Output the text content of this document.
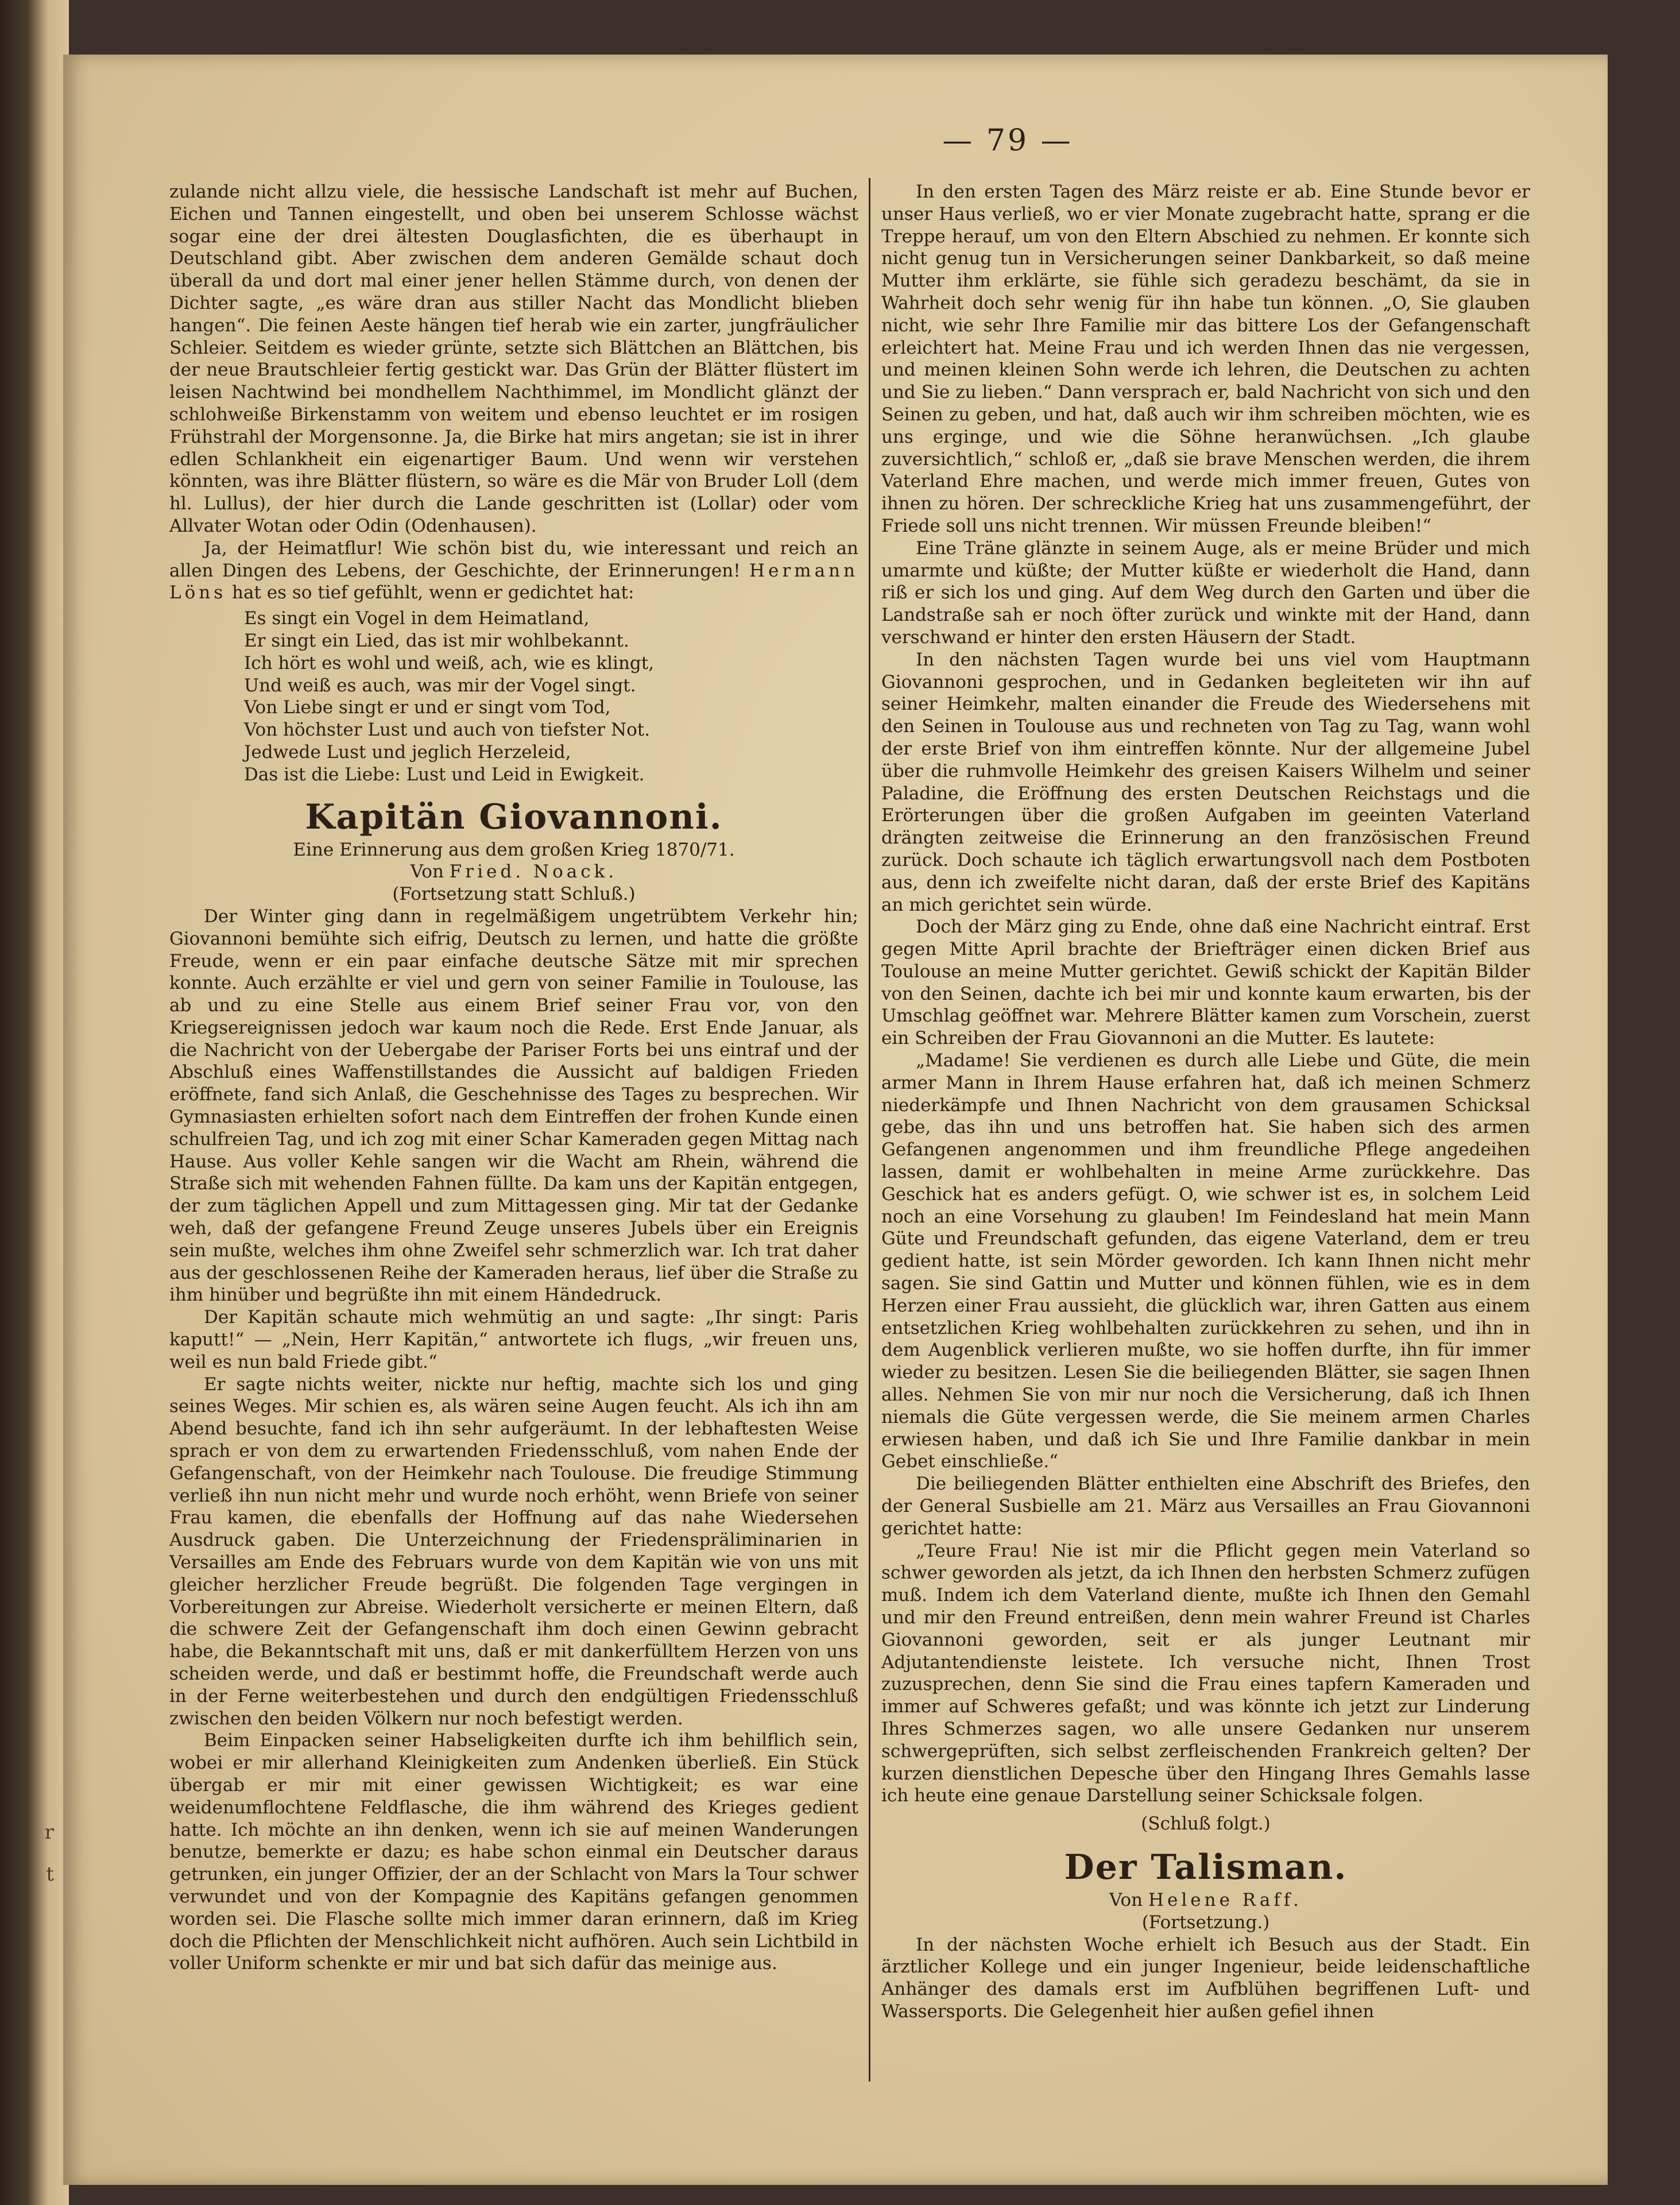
r
t
— 79 —

zulande nicht allzu viele, die hessische Landschaft ist mehr auf Buchen, Eichen und Tannen eingestellt, und oben bei unserem Schlosse wächst sogar eine der drei ältesten Douglasfichten, die es überhaupt in Deutschland gibt. Aber zwischen dem anderen Gemälde schaut doch überall da und dort mal einer jener hellen Stämme durch, von denen der Dichter sagte, „es wäre dran aus stiller Nacht das Mondlicht blieben hangen“. Die feinen Aeste hängen tief herab wie ein zarter, jungfräulicher Schleier. Seitdem es wieder grünte, setzte sich Blättchen an Blättchen, bis der neue Brautschleier fertig gestickt war. Das Grün der Blätter flüstert im leisen Nachtwind bei mondhellem Nachthimmel, im Mondlicht glänzt der schlohweiße Birkenstamm von weitem und ebenso leuchtet er im rosigen Frühstrahl der Morgensonne. Ja, die Birke hat mirs angetan; sie ist in ihrer edlen Schlankheit ein eigenartiger Baum. Und wenn wir verstehen könnten, was ihre Blätter flüstern, so wäre es die Mär von Bruder Loll (dem hl. Lullus), der hier durch die Lande geschritten ist (Lollar) oder vom Allvater Wotan oder Odin (Odenhausen).

Ja, der Heimatflur! Wie schön bist du, wie interessant und reich an allen Dingen des Lebens, der Geschichte, der Erinnerungen! Hermann Löns hat es so tief gefühlt, wenn er gedichtet hat:

Es singt ein Vogel in dem Heimatland,
Er singt ein Lied, das ist mir wohlbekannt.
Ich hört es wohl und weiß, ach, wie es klingt,
Und weiß es auch, was mir der Vogel singt.
Von Liebe singt er und er singt vom Tod,
Von höchster Lust und auch von tiefster Not.
Jedwede Lust und jeglich Herzeleid,
Das ist die Liebe: Lust und Leid in Ewigkeit.
Kapitän Giovannoni.
Eine Erinnerung aus dem großen Krieg 1870/71.
Von Fried. Noack.
(Fortsetzung statt Schluß.)

Der Winter ging dann in regelmäßigem ungetrübtem Verkehr hin; Giovannoni bemühte sich eifrig, Deutsch zu lernen, und hatte die größte Freude, wenn er ein paar einfache deutsche Sätze mit mir sprechen konnte. Auch erzählte er viel und gern von seiner Familie in Toulouse, las ab und zu eine Stelle aus einem Brief seiner Frau vor, von den Kriegsereignissen jedoch war kaum noch die Rede. Erst Ende Januar, als die Nachricht von der Uebergabe der Pariser Forts bei uns eintraf und der Abschluß eines Waffenstillstandes die Aussicht auf baldigen Frieden eröffnete, fand sich Anlaß, die Geschehnisse des Tages zu besprechen. Wir Gymnasiasten erhielten sofort nach dem Eintreffen der frohen Kunde einen schulfreien Tag, und ich zog mit einer Schar Kameraden gegen Mittag nach Hause. Aus voller Kehle sangen wir die Wacht am Rhein, während die Straße sich mit wehenden Fahnen füllte. Da kam uns der Kapitän entgegen, der zum täglichen Appell und zum Mittagessen ging. Mir tat der Gedanke weh, daß der gefangene Freund Zeuge unseres Jubels über ein Ereignis sein mußte, welches ihm ohne Zweifel sehr schmerzlich war. Ich trat daher aus der geschlossenen Reihe der Kameraden heraus, lief über die Straße zu ihm hinüber und begrüßte ihn mit einem Händedruck.

Der Kapitän schaute mich wehmütig an und sagte: „Ihr singt: Paris kaputt!“ — „Nein, Herr Kapitän,“ antwortete ich flugs, „wir freuen uns, weil es nun bald Friede gibt.“

Er sagte nichts weiter, nickte nur heftig, machte sich los und ging seines Weges. Mir schien es, als wären seine Augen feucht. Als ich ihn am Abend besuchte, fand ich ihn sehr aufgeräumt. In der lebhaftesten Weise sprach er von dem zu erwartenden Friedensschluß, vom nahen Ende der Gefangenschaft, von der Heimkehr nach Toulouse. Die freudige Stimmung verließ ihn nun nicht mehr und wurde noch erhöht, wenn Briefe von seiner Frau kamen, die ebenfalls der Hoffnung auf das nahe Wiedersehen Ausdruck gaben. Die Unterzeichnung der Friedenspräliminarien in Versailles am Ende des Februars wurde von dem Kapitän wie von uns mit gleicher herzlicher Freude begrüßt. Die folgenden Tage vergingen in Vorbereitungen zur Abreise. Wiederholt versicherte er meinen Eltern, daß die schwere Zeit der Gefangenschaft ihm doch einen Gewinn gebracht habe, die Bekanntschaft mit uns, daß er mit dankerfülltem Herzen von uns scheiden werde, und daß er bestimmt hoffe, die Freundschaft werde auch in der Ferne weiterbestehen und durch den endgültigen Friedensschluß zwischen den beiden Völkern nur noch befestigt werden.

Beim Einpacken seiner Habseligkeiten durfte ich ihm behilflich sein, wobei er mir allerhand Kleinigkeiten zum Andenken überließ. Ein Stück übergab er mir mit einer gewissen Wichtigkeit; es war eine weidenumflochtene Feldflasche, die ihm während des Krieges gedient hatte. Ich möchte an ihn denken, wenn ich sie auf meinen Wanderungen benutze, bemerkte er dazu; es habe schon einmal ein Deutscher daraus getrunken, ein junger Offizier, der an der Schlacht von Mars la Tour schwer verwundet und von der Kompagnie des Kapitäns gefangen genommen worden sei. Die Flasche sollte mich immer daran erinnern, daß im Krieg doch die Pflichten der Menschlichkeit nicht aufhören. Auch sein Lichtbild in voller Uniform schenkte er mir und bat sich dafür das meinige aus.

In den ersten Tagen des März reiste er ab. Eine Stunde bevor er unser Haus verließ, wo er vier Monate zugebracht hatte, sprang er die Treppe herauf, um von den Eltern Abschied zu nehmen. Er konnte sich nicht genug tun in Versicherungen seiner Dankbarkeit, so daß meine Mutter ihm erklärte, sie fühle sich geradezu beschämt, da sie in Wahrheit doch sehr wenig für ihn habe tun können. „O, Sie glauben nicht, wie sehr Ihre Familie mir das bittere Los der Gefangenschaft erleichtert hat. Meine Frau und ich werden Ihnen das nie vergessen, und meinen kleinen Sohn werde ich lehren, die Deutschen zu achten und Sie zu lieben.“ Dann versprach er, bald Nachricht von sich und den Seinen zu geben, und hat, daß auch wir ihm schreiben möchten, wie es uns erginge, und wie die Söhne heranwüchsen. „Ich glaube zuversichtlich,“ schloß er, „daß sie brave Menschen werden, die ihrem Vaterland Ehre machen, und werde mich immer freuen, Gutes von ihnen zu hören. Der schreckliche Krieg hat uns zusammengeführt, der Friede soll uns nicht trennen. Wir müssen Freunde bleiben!“

Eine Träne glänzte in seinem Auge, als er meine Brüder und mich umarmte und küßte; der Mutter küßte er wiederholt die Hand, dann riß er sich los und ging. Auf dem Weg durch den Garten und über die Landstraße sah er noch öfter zurück und winkte mit der Hand, dann verschwand er hinter den ersten Häusern der Stadt.

In den nächsten Tagen wurde bei uns viel vom Hauptmann Giovannoni gesprochen, und in Gedanken begleiteten wir ihn auf seiner Heimkehr, malten einander die Freude des Wiedersehens mit den Seinen in Toulouse aus und rechneten von Tag zu Tag, wann wohl der erste Brief von ihm eintreffen könnte. Nur der allgemeine Jubel über die ruhmvolle Heimkehr des greisen Kaisers Wilhelm und seiner Paladine, die Eröffnung des ersten Deutschen Reichstags und die Erörterungen über die großen Aufgaben im geeinten Vaterland drängten zeitweise die Erinnerung an den französischen Freund zurück. Doch schaute ich täglich erwartungsvoll nach dem Postboten aus, denn ich zweifelte nicht daran, daß der erste Brief des Kapitäns an mich gerichtet sein würde.

Doch der März ging zu Ende, ohne daß eine Nachricht eintraf. Erst gegen Mitte April brachte der Briefträger einen dicken Brief aus Toulouse an meine Mutter gerichtet. Gewiß schickt der Kapitän Bilder von den Seinen, dachte ich bei mir und konnte kaum erwarten, bis der Umschlag geöffnet war. Mehrere Blätter kamen zum Vorschein, zuerst ein Schreiben der Frau Giovannoni an die Mutter. Es lautete:

„Madame! Sie verdienen es durch alle Liebe und Güte, die mein armer Mann in Ihrem Hause erfahren hat, daß ich meinen Schmerz niederkämpfe und Ihnen Nachricht von dem grausamen Schicksal gebe, das ihn und uns betroffen hat. Sie haben sich des armen Gefangenen angenommen und ihm freundliche Pflege angedeihen lassen, damit er wohlbehalten in meine Arme zurückkehre. Das Geschick hat es anders gefügt. O, wie schwer ist es, in solchem Leid noch an eine Vorsehung zu glauben! Im Feindesland hat mein Mann Güte und Freundschaft gefunden, das eigene Vaterland, dem er treu gedient hatte, ist sein Mörder geworden. Ich kann Ihnen nicht mehr sagen. Sie sind Gattin und Mutter und können fühlen, wie es in dem Herzen einer Frau aussieht, die glücklich war, ihren Gatten aus einem entsetzlichen Krieg wohlbehalten zurückkehren zu sehen, und ihn in dem Augenblick verlieren mußte, wo sie hoffen durfte, ihn für immer wieder zu besitzen. Lesen Sie die beiliegenden Blätter, sie sagen Ihnen alles. Nehmen Sie von mir nur noch die Versicherung, daß ich Ihnen niemals die Güte vergessen werde, die Sie meinem armen Charles erwiesen haben, und daß ich Sie und Ihre Familie dankbar in mein Gebet einschließe.“

Die beiliegenden Blätter enthielten eine Abschrift des Briefes, den der General Susbielle am 21. März aus Versailles an Frau Giovannoni gerichtet hatte:

„Teure Frau! Nie ist mir die Pflicht gegen mein Vaterland so schwer geworden als jetzt, da ich Ihnen den herbsten Schmerz zufügen muß. Indem ich dem Vaterland diente, mußte ich Ihnen den Gemahl und mir den Freund entreißen, denn mein wahrer Freund ist Charles Giovannoni geworden, seit er als junger Leutnant mir Adjutantendienste leistete. Ich versuche nicht, Ihnen Trost zuzusprechen, denn Sie sind die Frau eines tapfern Kameraden und immer auf Schweres gefaßt; und was könnte ich jetzt zur Linderung Ihres Schmerzes sagen, wo alle unsere Gedanken nur unserem schwergeprüften, sich selbst zerfleischenden Frankreich gelten? Der kurzen dienstlichen Depesche über den Hingang Ihres Gemahls lasse ich heute eine genaue Darstellung seiner Schicksale folgen.

(Schluß folgt.)
Der Talisman.
Von Helene Raff.
(Fortsetzung.)

In der nächsten Woche erhielt ich Besuch aus der Stadt. Ein ärztlicher Kollege und ein junger Ingenieur, beide leidenschaftliche Anhänger des damals erst im Aufblühen begriffenen Luft- und Wassersports. Die Gelegenheit hier außen gefiel ihnen
